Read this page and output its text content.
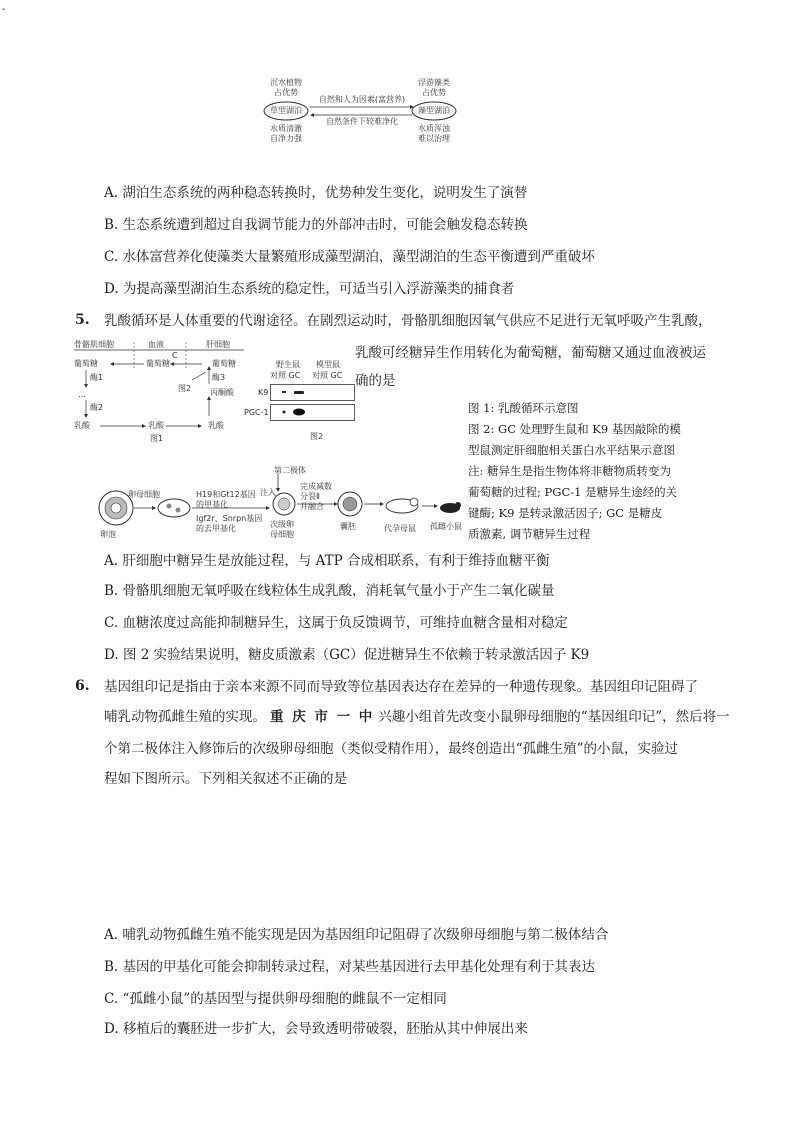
-
沉水植物
占优势
草型湖泊
水质清澈
自净力强
自然和人为因素(富营养)
自然条件下较难净化
浮游藻类
占优势
藻型湖泊
水质浑浊
难以治理
A. 湖泊生态系统的两种稳态转换时，优势种发生变化，说明发生了演替
B. 生态系统遭到超过自我调节能力的外部冲击时，可能会触发稳态转换
C. 水体富营养化使藻类大量繁殖形成藻型湖泊，藻型湖泊的生态平衡遭到严重破坏
D. 为提高藻型湖泊生态系统的稳定性，可适当引入浮游藻类的捕食者
5. 乳酸循环是人体重要的代谢途径。在剧烈运动时，骨骼肌细胞因氧气供应不足进行无氧呼吸产生乳酸，
乳酸可经糖异生作用转化为葡萄糖，葡萄糖又通过血液被运
确的是
骨骼肌细胞	血液	肝细胞
C
葡萄糖	葡萄糖	葡萄糖
酶1	酶3
图2
…	丙酮酸
酶2
乳酸	乳酸	乳酸
图1
野生鼠 模型鼠
对照 GC 对照 GC
K9
PGC-1
图2
图 1: 乳酸循环示意图
图 2: GC 处理野生鼠和 K9 基因敲除的模
型鼠测定肝细胞相关蛋白水平结果示意图
注: 糖异生是指生物体将非糖物质转变为
葡萄糖的过程; PGC-1 是糖异生途经的关
键酶; K9 是转录激活因子; GC 是糖皮
质激素, 调节糖异生过程
第二极体
卵母细胞
卵泡
H19和Gt12基因
的甲基化
Igf2r、Snrpn基因
的去甲基化
注入
完成减数
分裂Ⅱ
并融合
次级卵
母细胞
囊胚	代孕母鼠 孤雌小鼠
A. 肝细胞中糖异生是放能过程，与 ATP 合成相联系，有利于维持血糖平衡
B. 骨骼肌细胞无氧呼吸在线粒体生成乳酸，消耗氧气量小于产生二氧化碳量
C. 血糖浓度过高能抑制糖异生，这属于负反馈调节，可维持血糖含量相对稳定
D. 图 2 实验结果说明，糖皮质激素（GC）促进糖异生不依赖于转录激活因子 K9
6. 基因组印记是指由于亲本来源不同而导致等位基因表达存在差异的一种遗传现象。基因组印记阻碍了
哺乳动物孤雌生殖的实现。 重 庆 市 一 中 兴趣小组首先改变小鼠卵母细胞的“基因组印记”，然后将一
个第二极体注入修饰后的次级卵母细胞（类似受精作用），最终创造出“孤雌生殖”的小鼠，实验过
程如下图所示。下列相关叙述不正确的是
A. 哺乳动物孤雌生殖不能实现是因为基因组印记阻碍了次级卵母细胞与第二极体结合
B. 基因的甲基化可能会抑制转录过程，对某些基因进行去甲基化处理有利于其表达
C. “孤雌小鼠”的基因型与提供卵母细胞的雌鼠不一定相同
D. 移植后的囊胚进一步扩大，会导致透明带破裂，胚胎从其中伸展出来
